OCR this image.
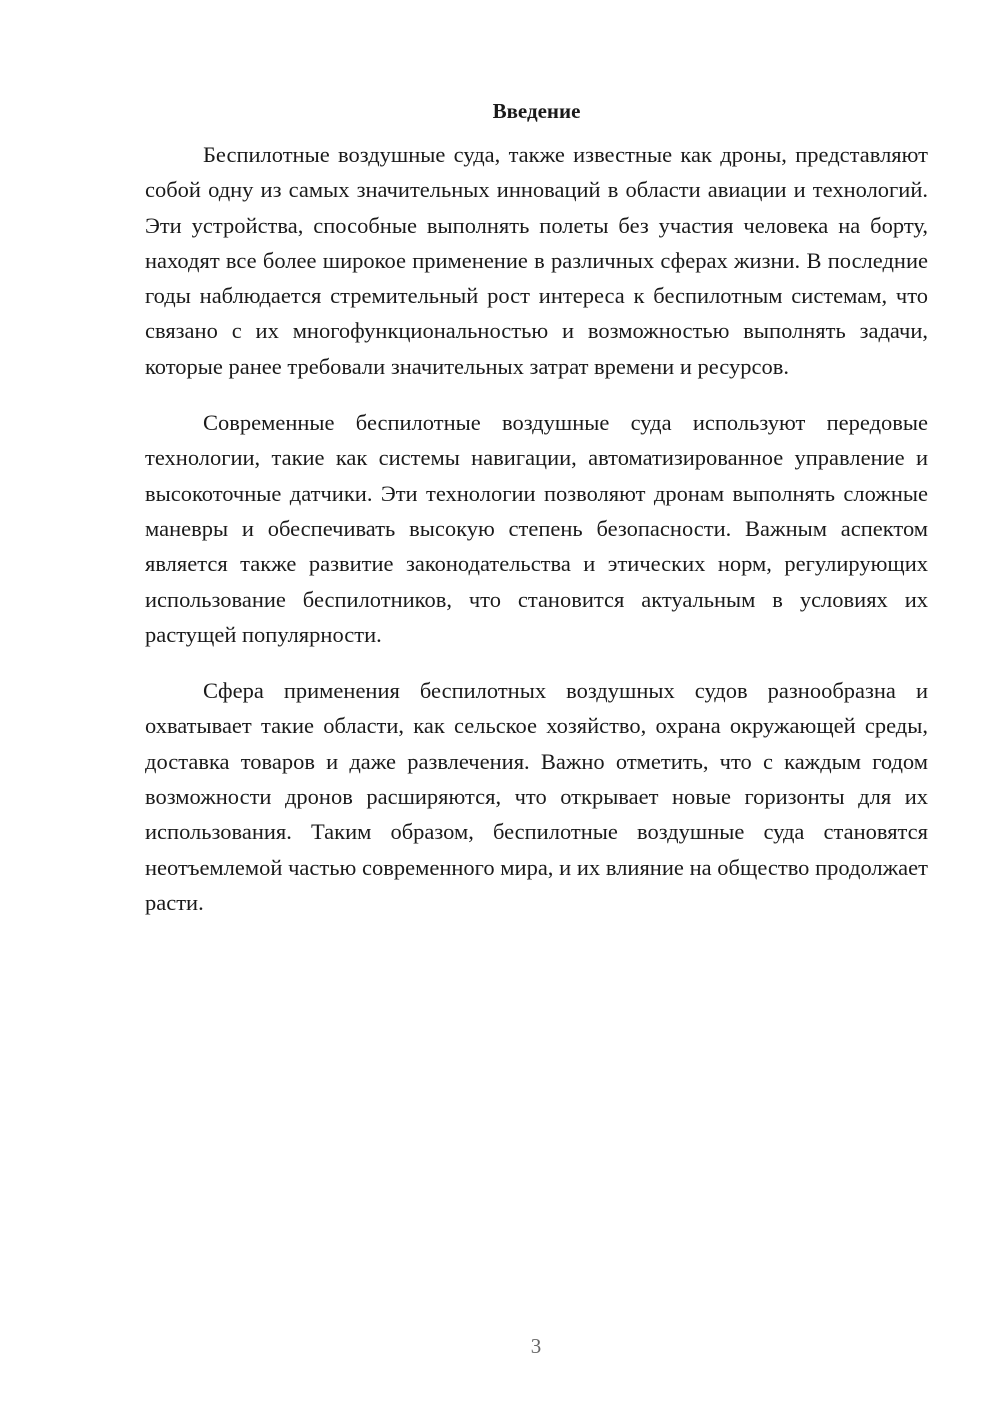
Введение

Беспилотные воздушные суда, также известные как дроны, представляют собой одну из самых значительных инноваций в области авиации и технологий. Эти устройства, способные выполнять полеты без участия человека на борту, находят все более широкое применение в различных сферах жизни. В последние годы наблюдается стремительный рост интереса к беспилотным системам, что связано с их многофункциональностью и возможностью выполнять задачи, которые ранее требовали значительных затрат времени и ресурсов.

Современные беспилотные воздушные суда используют передовые технологии, такие как системы навигации, автоматизированное управление и высокоточные датчики. Эти технологии позволяют дронам выполнять сложные маневры и обеспечивать высокую степень безопасности. Важным аспектом является также развитие законодательства и этических норм, регулирующих использование беспилотников, что становится актуальным в условиях их растущей популярности.

Сфера применения беспилотных воздушных судов разнообразна и охватывает такие области, как сельское хозяйство, охрана окружающей среды, доставка товаров и даже развлечения. Важно отметить, что с каждым годом возможности дронов расширяются, что открывает новые горизонты для их использования. Таким образом, беспилотные воздушные суда становятся неотъемлемой частью современного мира, и их влияние на общество продолжает расти.

3
